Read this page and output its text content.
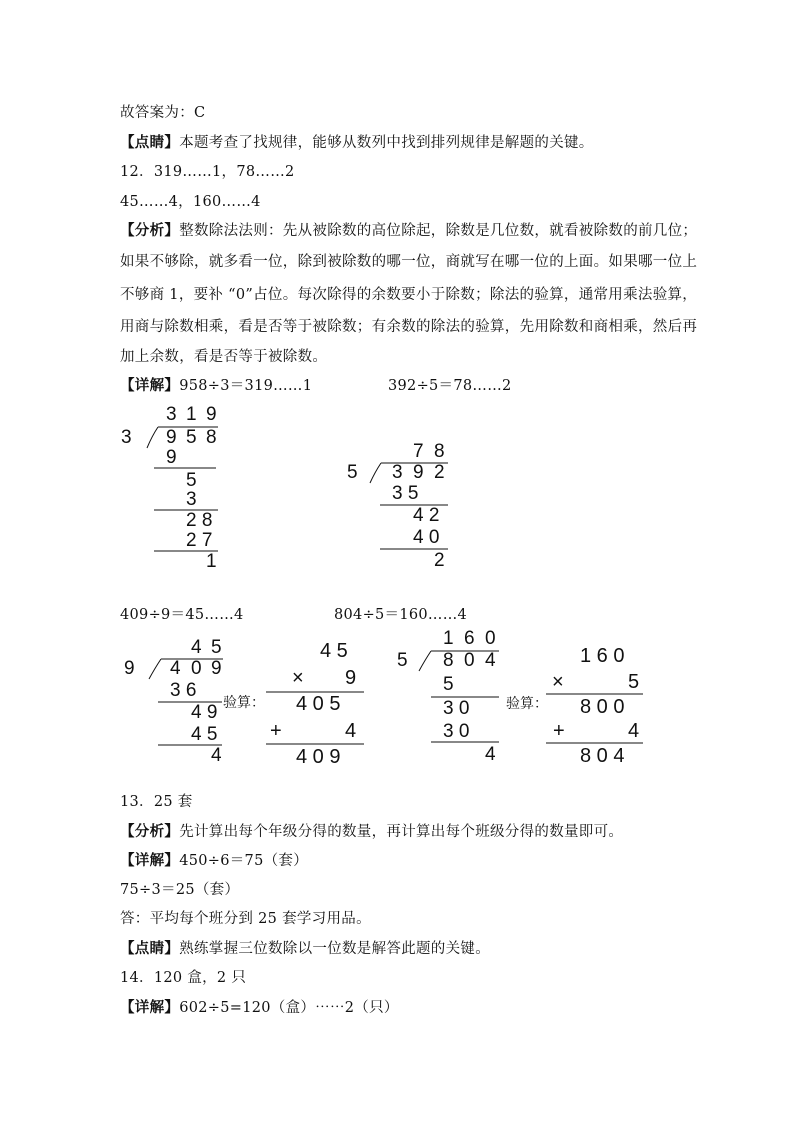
故答案为：C
【点睛】本题考查了找规律，能够从数列中找到排列规律是解题的关键。
12．319……1，78……2
45……4，160……4
【分析】整数除法法则：先从被除数的高位除起，除数是几位数，就看被除数的前几位；
如果不够除，就多看一位，除到被除数的哪一位，商就写在哪一位的上面。如果哪一位上
不够商 1，要补 “0”占位。每次除得的余数要小于除数；除法的验算，通常用乘法验算，
用商与除数相乘，看是否等于被除数；有余数的除法的验算，先用除数和商相乘，然后再
加上余数，看是否等于被除数。
【详解】958÷3＝319……1	392÷5＝78……2
409÷9＝45……4	804÷5＝160……4
3 1 9
3 9 5 8
9
5
3
2 8
2 7
1
7 8
5 3 9 2
3 5
4 2
4 0
2
4 5
9 4 0 9
3 6
4 9
4 5
4
验算：
4 5
× 9
4 0 5
+	4
4 0 9
1 6 0
5 8 0 4
5
3 0
3 0
4
验算：
1 6 0
×	5
8 0 0
+	4
8 0 4
13．25 套
【分析】先计算出每个年级分得的数量，再计算出每个班级分得的数量即可。
【详解】450÷6＝75（套）
75÷3＝25（套）
答：平均每个班分到 25 套学习用品。
【点睛】熟练掌握三位数除以一位数是解答此题的关键。
14．120 盒，2 只
【详解】602÷5=120（盒）⋯⋯2（只）
